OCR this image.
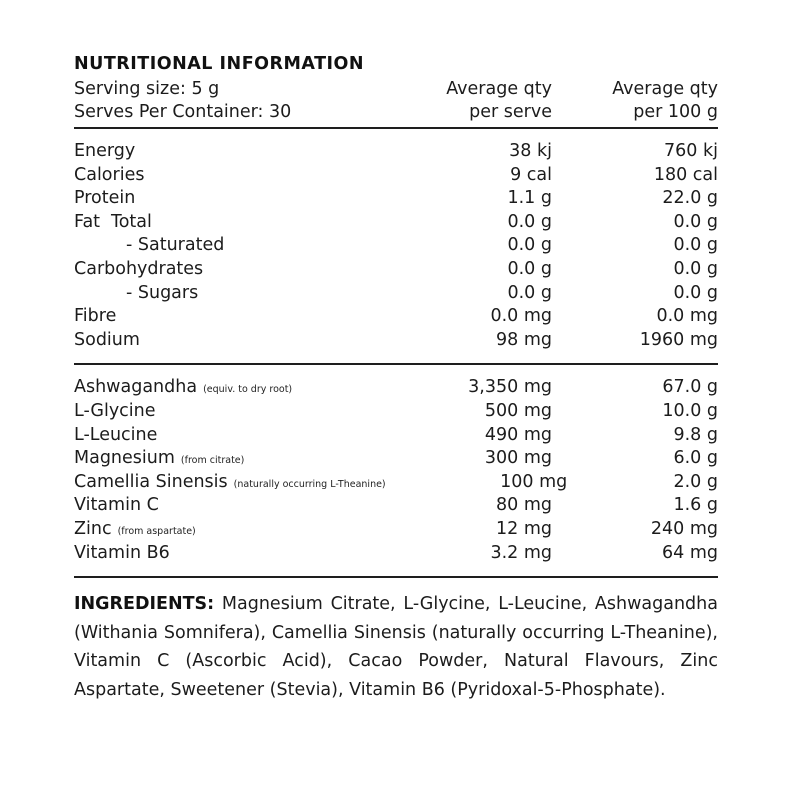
NUTRITIONAL INFORMATION
Serving size: 5 g	Average qty	Average qty
Serves Per Container: 30	per serve	per 100 g
Energy	38 kj	760 kj
Calories	9 cal	180 cal
Protein	1.1 g	22.0 g
Fat Total	0.0 g	0.0 g
- Saturated	0.0 g	0.0 g
Carbohydrates	0.0 g	0.0 g
- Sugars	0.0 g	0.0 g
Fibre	0.0 mg	0.0 mg
Sodium	98 mg	1960 mg
Ashwagandha (equiv. to dry root)	3,350 mg	67.0 g
L-Glycine	500 mg	10.0 g
L-Leucine	490 mg	9.8 g
Magnesium (from citrate)	300 mg	6.0 g
Camellia Sinensis (naturally occurring L-Theanine)	100 mg	2.0 g
Vitamin C	80 mg	1.6 g
Zinc (from aspartate)	12 mg	240 mg
Vitamin B6	3.2 mg	64 mg
INGREDIENTS: Magnesium Citrate, L-Glycine, L-Leucine, Ashwagandha (Withania Somnifera), Camellia Sinensis (naturally occurring L-Theanine), Vitamin C (Ascorbic Acid), Cacao Powder, Natural Flavours, Zinc Aspartate, Sweetener (Stevia), Vitamin B6 (Pyridoxal-5-Phosphate).
